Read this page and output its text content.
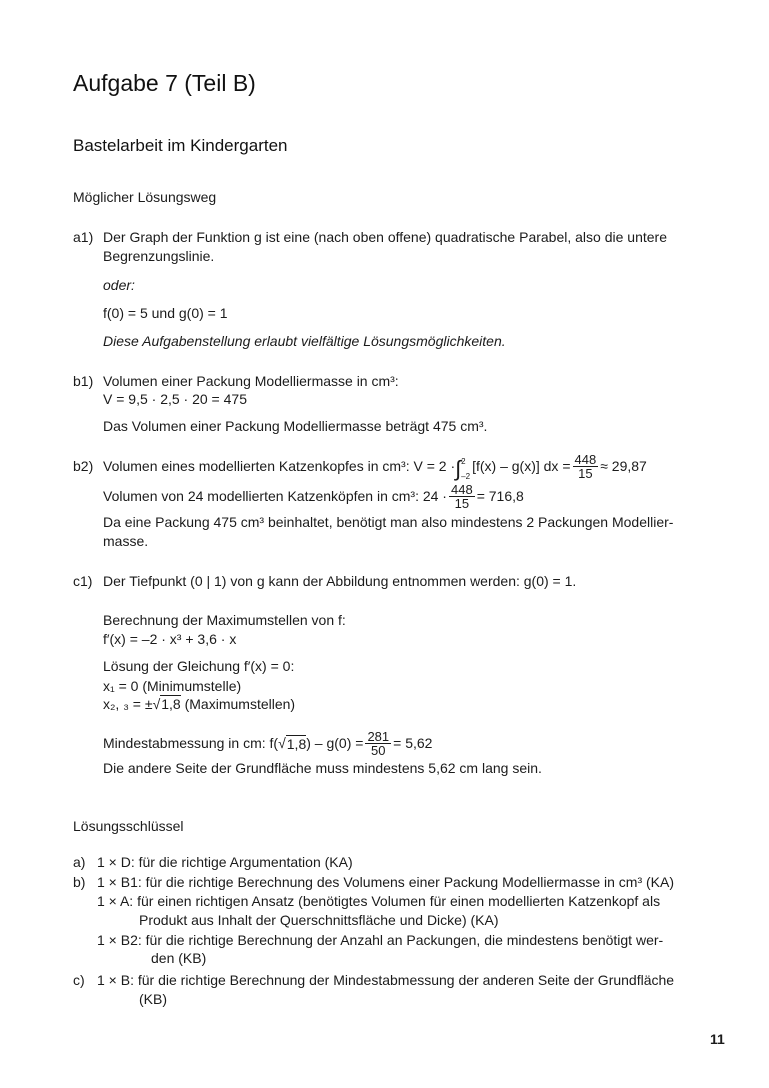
Aufgabe 7 (Teil B)
Bastelarbeit im Kindergarten
Möglicher Lösungsweg
a1) Der Graph der Funktion g ist eine (nach oben offene) quadratische Parabel, also die untere
Begrenzungslinie.
oder:
f(0) = 5 und g(0) = 1
Diese Aufgabenstellung erlaubt vielfältige Lösungsmöglichkeiten.
b1) Volumen einer Packung Modelliermasse in cm³:
V = 9,5 · 2,5 · 20 = 475
Das Volumen einer Packung Modelliermasse beträgt 475 cm³.
b2) Volumen eines modellierten Katzenkopfes in cm³: V = 2 · ∫ 2
–2
[f(x) – g(x)] dx = $\frac{448}{15} \approx 29,87$
Volumen von 24 modellierten Katzenköpfen in cm³: $24 \cdot \frac{448}{15} = 716,8$
Da eine Packung 475 cm³ beinhaltet, benötigt man also mindestens 2 Packungen Modellier-
masse.
c1) Der Tiefpunkt (0 | 1) von g kann der Abbildung entnommen werden: g(0) = 1.
Berechnung der Maximumstellen von f:
f′(x) = –2 · x³ + 3,6 · x
Lösung der Gleichung f′(x) = 0:
x₁ = 0 (Minimumstelle)
x₂, ₃ = ±√1,8 (Maximumstellen)
Mindestabmessung in cm: f( √ 1,8 ) – $g(0) = \frac{281}{50} = 5,62$
Die andere Seite der Grundfläche muss mindestens 5,62 cm lang sein.
Lösungsschlüssel
a) 1 × D: für die richtige Argumentation (KA)
b) 1 × B1: für die richtige Berechnung des Volumens einer Packung Modelliermasse in cm³ (KA)
1 × A: für einen richtigen Ansatz (benötigtes Volumen für einen modellierten Katzenkopf als
Produkt aus Inhalt der Querschnittsfläche und Dicke) (KA)
1 × B2: für die richtige Berechnung der Anzahl an Packungen, die mindestens benötigt wer-
den (KB)
c) 1 × B: für die richtige Berechnung der Mindestabmessung der anderen Seite der Grundfläche
(KB)
11
